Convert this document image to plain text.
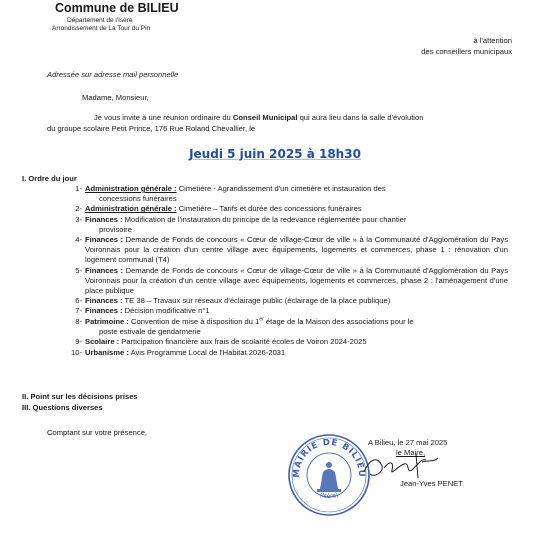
Commune de BILIEU
Département de l'Isère
Arrondissement de La Tour du Pin
à l'attention
des conseillers municipaux
Adressée sur adresse mail personnelle
Madame, Monsieur,
Je vous invite à une réunion ordinaire du Conseil Municipal qui aura lieu dans la salle d'évolution
du groupe scolaire Petit Prince, 176 Rue Roland Chevallier, le
Jeudi 5 juin 2025 à 18h30
I. Ordre du jour
1- Administration générale : Cimetière - Agrandissement d'un cimetière et instauration des
concessions funéraires
2- Administration générale : Cimetière – Tarifs et durée des concessions funéraires
3- Finances : Modification de l'instauration du principe de la redevance réglementée pour chantier
provisoire
4- Finances : Demande de Fonds de concours « Cœur de village-Cœur de ville » à la Communauté d'Agglomération du Pays Voironnais pour la création d'un centre village avec équipements, logements et commerces, phase 1 : rénovation d'un logement communal (T4)
5- Finances : Demande de Fonds de concours « Cœur de village-Cœur de ville » à la Communauté d'Agglomération du Pays Voironnais pour la création d'un centre village avec équipements, logements et commerces, phase 2 : l'aménagement d'une place publique
6- Finances : TE 38 – Travaux sur réseaux d'éclairage public (éclairage de la place publique)
7- Finances : Décision modificative n°1
8- Patrimoine : Convention de mise à disposition du 1er étage de la Maison des associations pour le
poste estivale de gendarmerie
9- Scolaire : Participation financière aux frais de scolarité écoles de Voiron 2024-2025
10- Urbanisme : Avis Programme Local de l'Habitat 2026-2031
II. Point sur les décisions prises
III. Questions diverses
Comptant sur votre présence,
MAIRIE DE BILIEU
(Isère)
A Bilieu, le 27 mai 2025
le Maire,
Jean-Yves PENET
